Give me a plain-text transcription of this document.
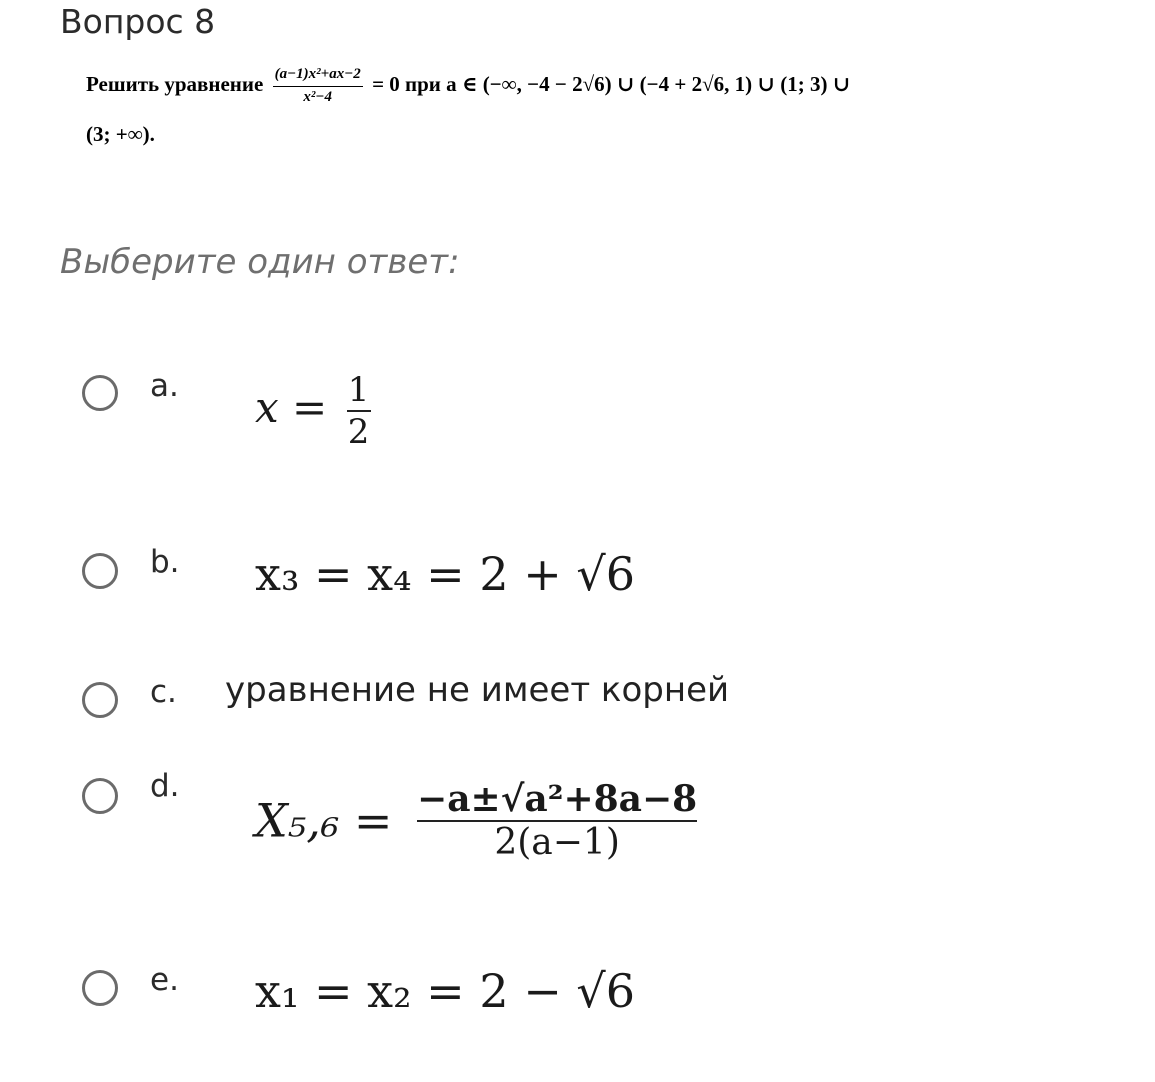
Вопрос 8
Решить уравнение $\frac{\text{(a−1)x²+ax−2}}{\text{x²−4}} = 0$ при a ∈ (−∞, −4 − 2√6) ∪ (−4 + 2√6, 1) ∪ (1; 3) ∪
(3; +∞).
Выберите один ответ:
a. $x = \frac{1}{2}$
b. x₃ = x₄ = 2 + √6
c. уравнение не имеет корней
d.
$X_5,_6 = \frac{\text{−a±√a²+8a−8}}{2(a-1)}$
e. x₁ = x₂ = 2 − √6
